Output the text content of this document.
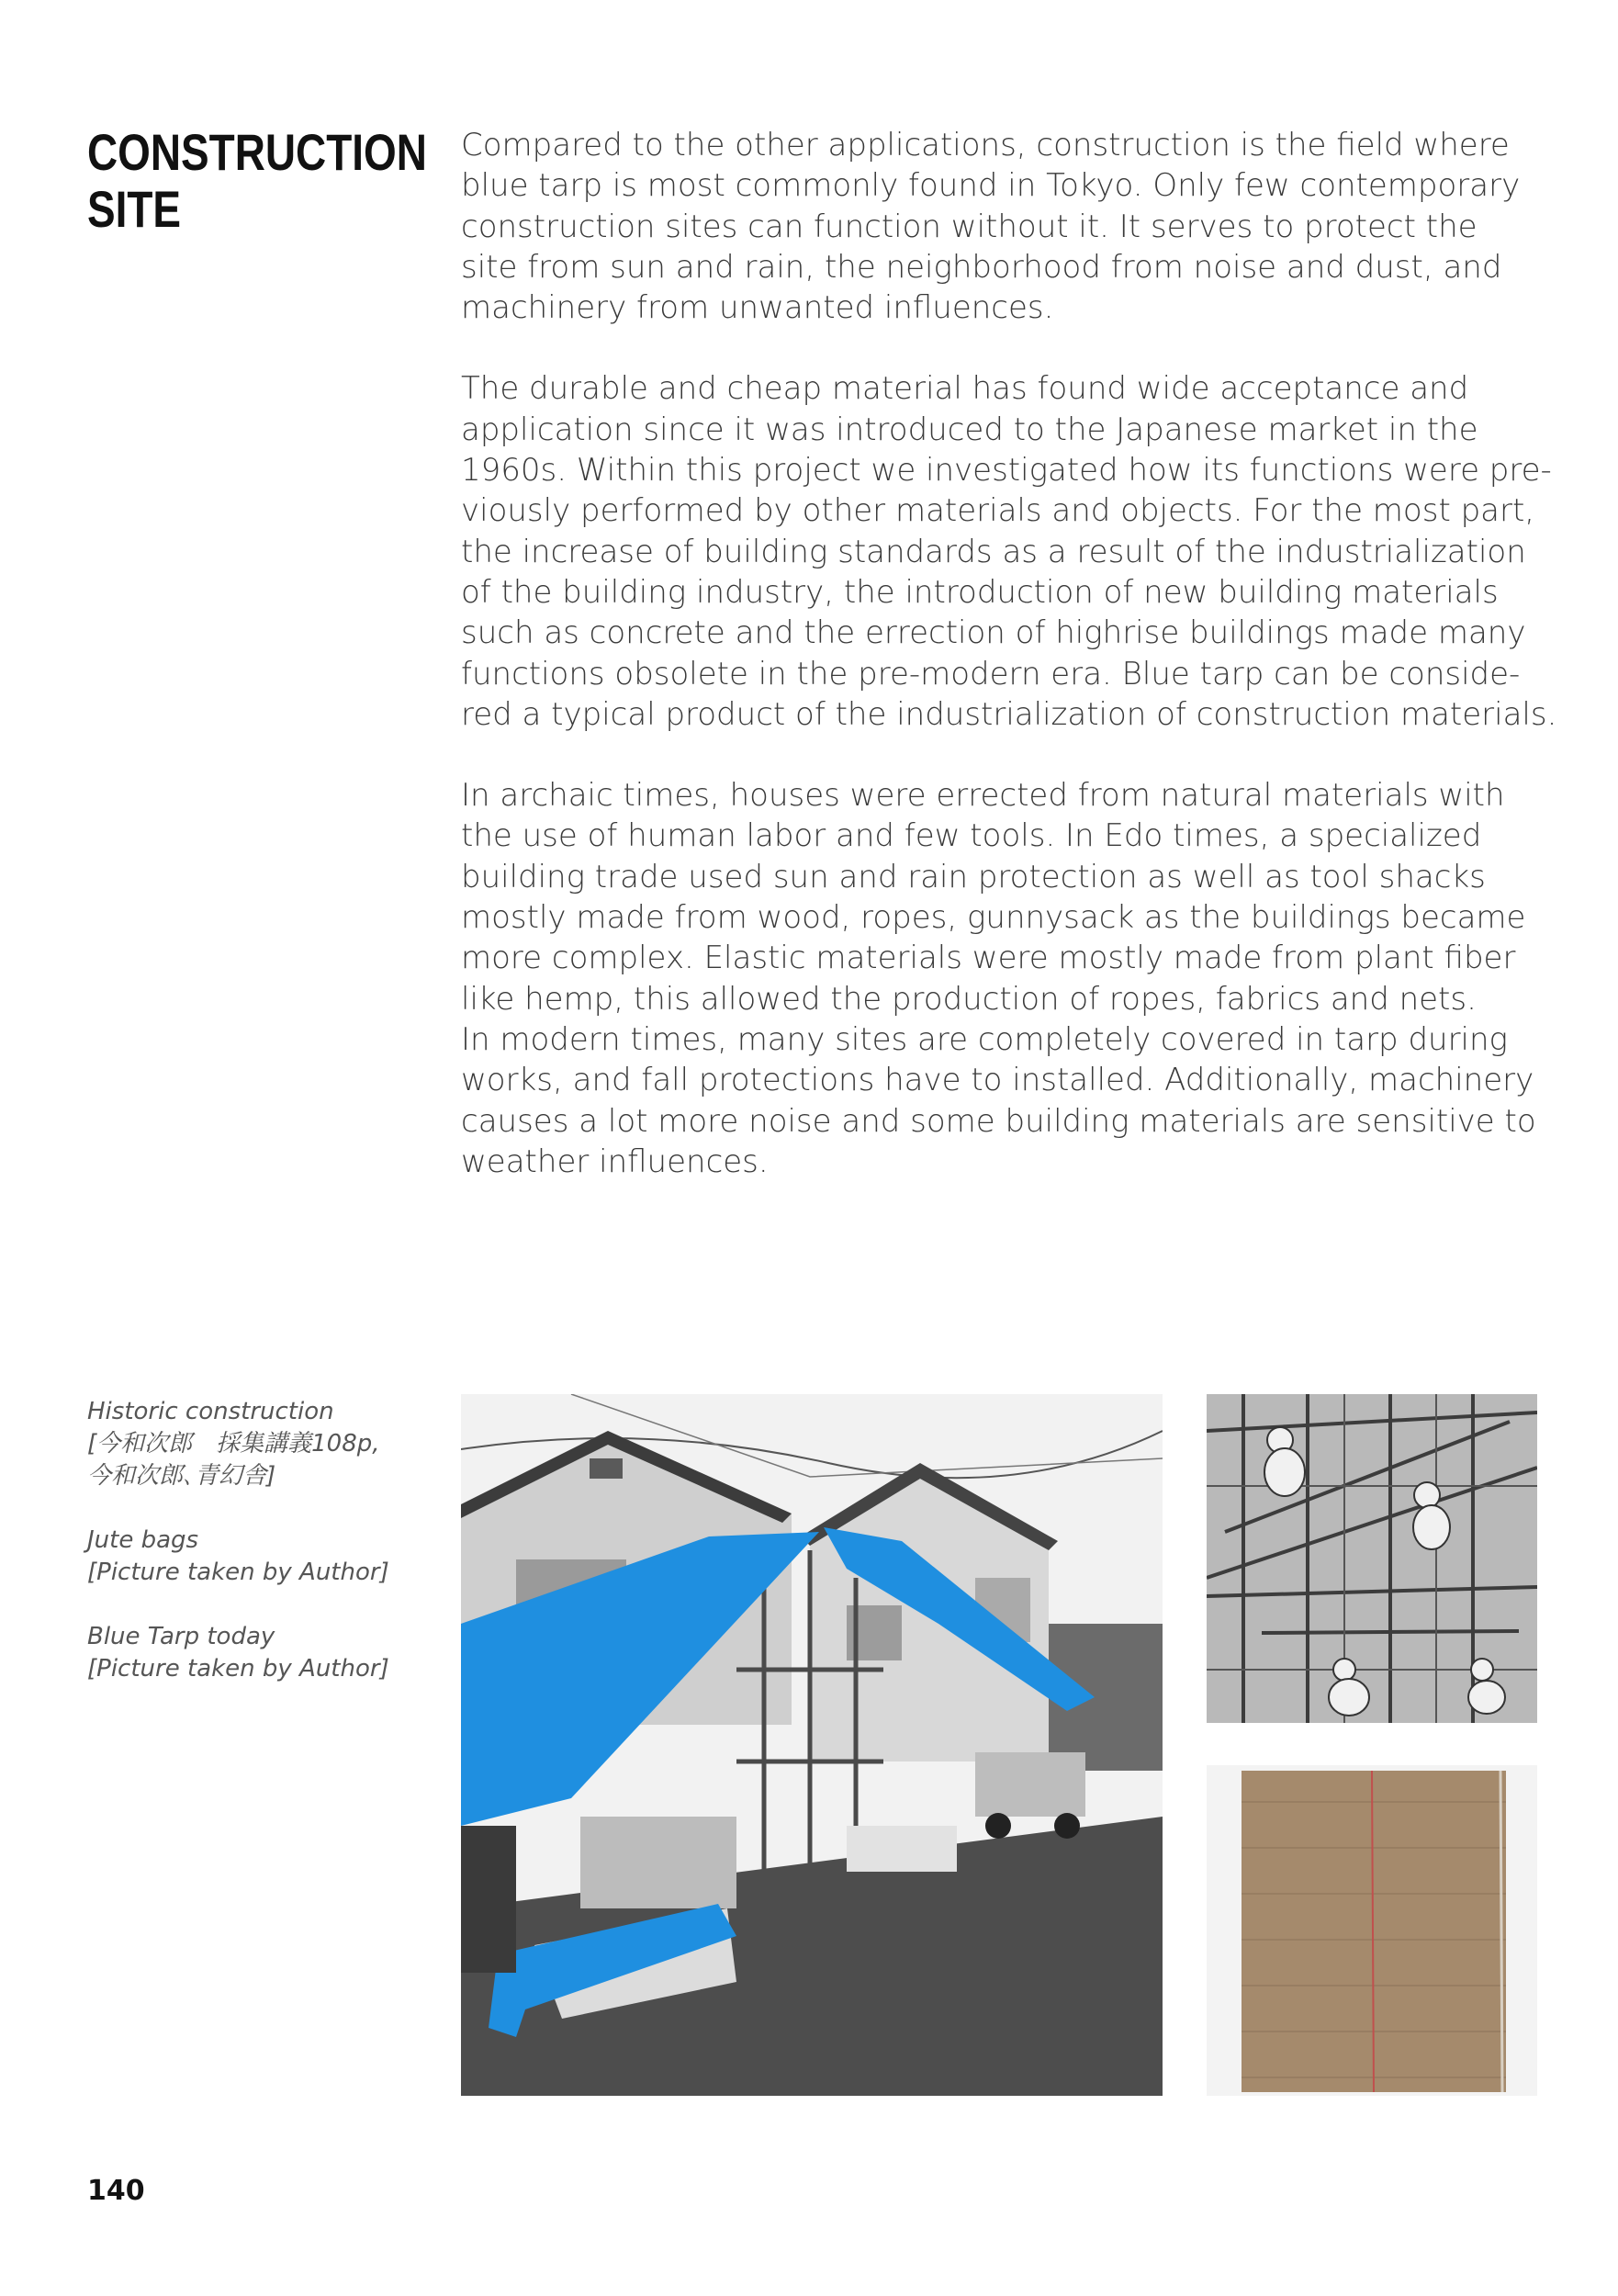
CONSTRUCTION
SITE

Compared to the other applications, construction is the field where
blue tarp is most commonly found in Tokyo. Only few contemporary
construction sites can function without it. It serves to protect the
site from sun and rain, the neighborhood from noise and dust, and
machinery from unwanted influences.

The durable and cheap material has found wide acceptance and
application since it was introduced to the Japanese market in the
1960s. Within this project we investigated how its functions were pre-
viously performed by other materials and objects. For the most part,
the increase of building standards as a result of the industrialization
of the building industry, the introduction of new building materials
such as concrete and the errection of highrise buildings made many
functions obsolete in the pre-modern era. Blue tarp can be conside-
red a typical product of the industrialization of construction materials.

In archaic times, houses were errected from natural materials with
the use of human labor and few tools. In Edo times, a specialized
building trade used sun and rain protection as well as tool shacks
mostly made from wood, ropes, gunnysack as the buildings became
more complex. Elastic materials were mostly made from plant fiber
like hemp, this allowed the production of ropes, fabrics and nets.
In modern times, many sites are completely covered in tarp during
works, and fall protections have to installed. Additionally, machinery
causes a lot more noise and some building materials are sensitive to
weather influences.

Historic construction
[今和次郎　採集講義108p,
今和次郎､青幻舎]
Jute bags
[Picture taken by Author]
Blue Tarp today
[Picture taken by Author]
140
